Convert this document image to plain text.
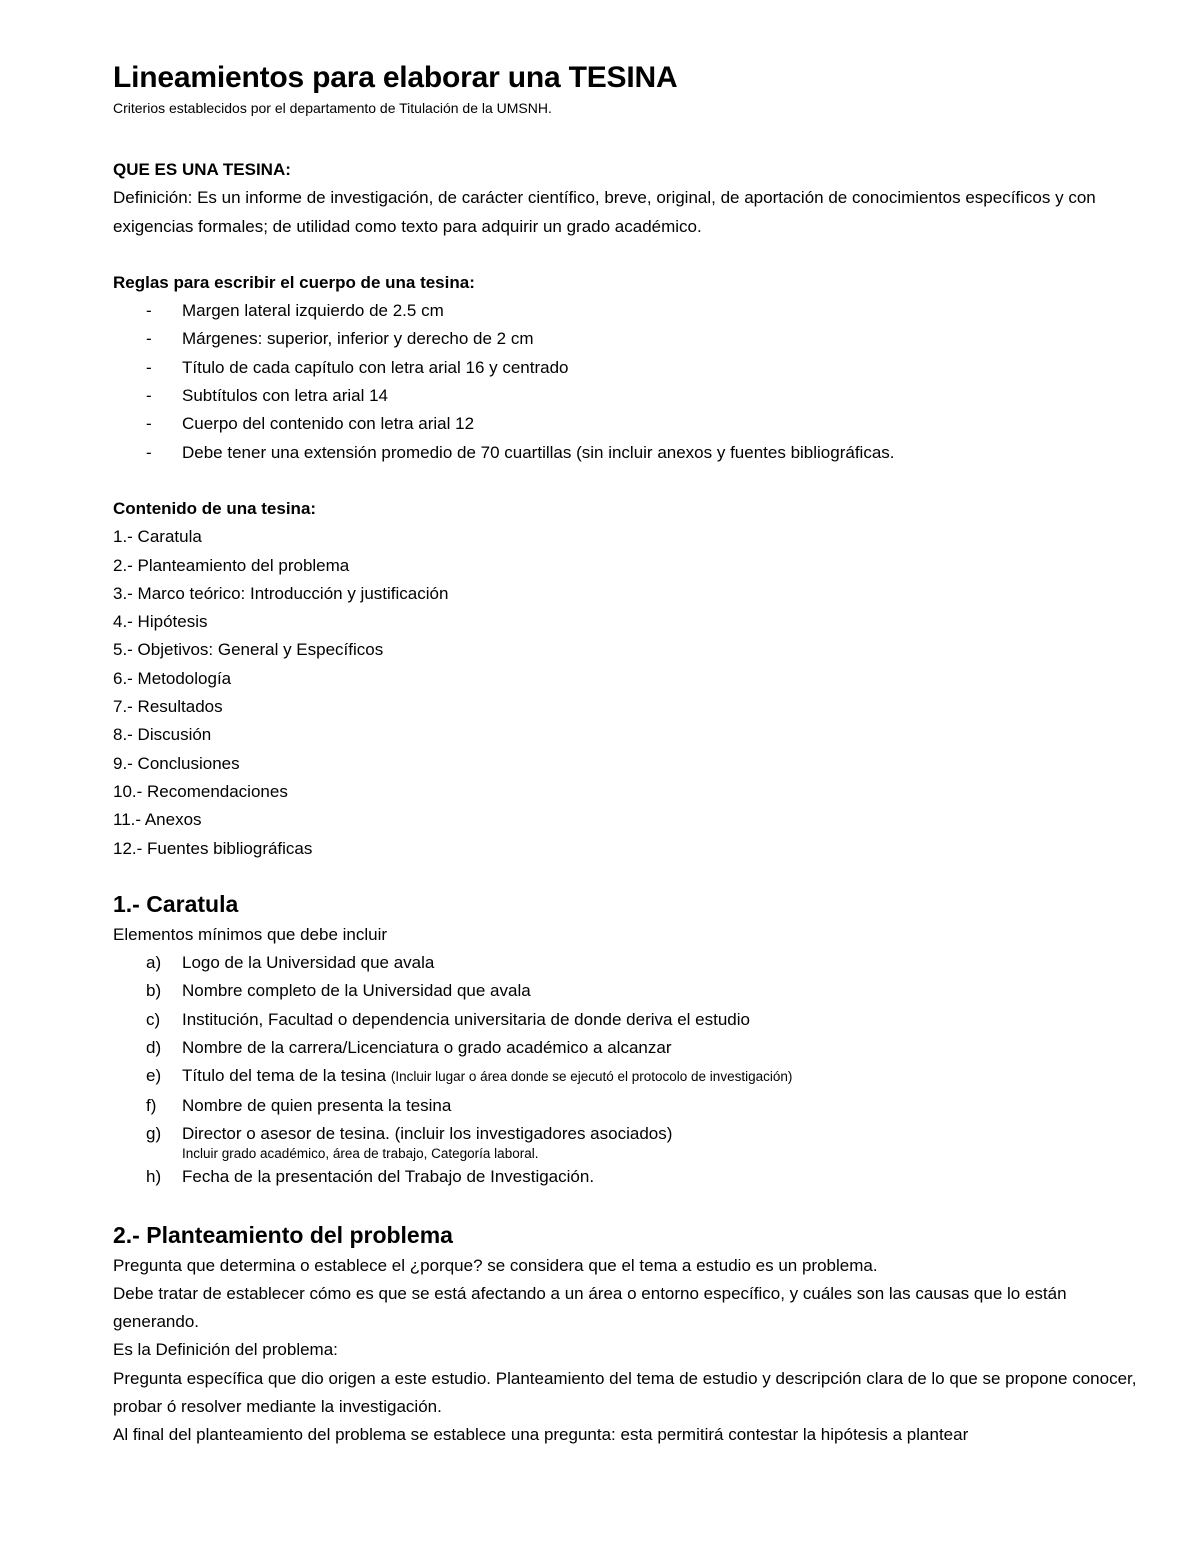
Lineamientos para elaborar una TESINA

Criterios establecidos por el departamento de Titulación de la UMSNH.

QUE ES UNA TESINA:

Definición: Es un informe de investigación, de carácter científico, breve, original, de aportación de conocimientos específicos y con exigencias formales; de utilidad como texto para adquirir un grado académico.

Reglas para escribir el cuerpo de una tesina:

- Margen lateral izquierdo de 2.5 cm
- Márgenes: superior, inferior y derecho de 2 cm
- Título de cada capítulo con letra arial 16 y centrado
- Subtítulos con letra arial 14
- Cuerpo del contenido con letra arial 12
- Debe tener una extensión promedio de 70 cuartillas (sin incluir anexos y fuentes bibliográficas.

Contenido de una tesina:

1.- Caratula

2.- Planteamiento del problema

3.- Marco teórico: Introducción y justificación

4.- Hipótesis

5.- Objetivos: General y Específicos

6.- Metodología

7.- Resultados

8.- Discusión

9.- Conclusiones

10.- Recomendaciones

11.- Anexos

12.- Fuentes bibliográficas

1.- Caratula

Elementos mínimos que debe incluir

a) Logo de la Universidad que avala
b) Nombre completo de la Universidad que avala
c) Institución, Facultad o dependencia universitaria de donde deriva el estudio
d) Nombre de la carrera/Licenciatura o grado académico a alcanzar
e) Título del tema de la tesina (Incluir lugar o área donde se ejecutó el protocolo de investigación)
f) Nombre de quien presenta la tesina
g) Director o asesor de tesina. (incluir los investigadores asociados)
Incluir grado académico, área de trabajo, Categoría laboral.
h) Fecha de la presentación del Trabajo de Investigación.
2.- Planteamiento del problema

Pregunta que determina o establece el ¿porque? se considera que el tema a estudio es un problema.

Debe tratar de establecer cómo es que se está afectando a un área o entorno específico, y cuáles son las causas que lo están generando.

Es la Definición del problema:

Pregunta específica que dio origen a este estudio. Planteamiento del tema de estudio y descripción clara de lo que se propone conocer, probar ó resolver mediante la investigación.

Al final del planteamiento del problema se establece una pregunta: esta permitirá contestar la hipótesis a plantear
